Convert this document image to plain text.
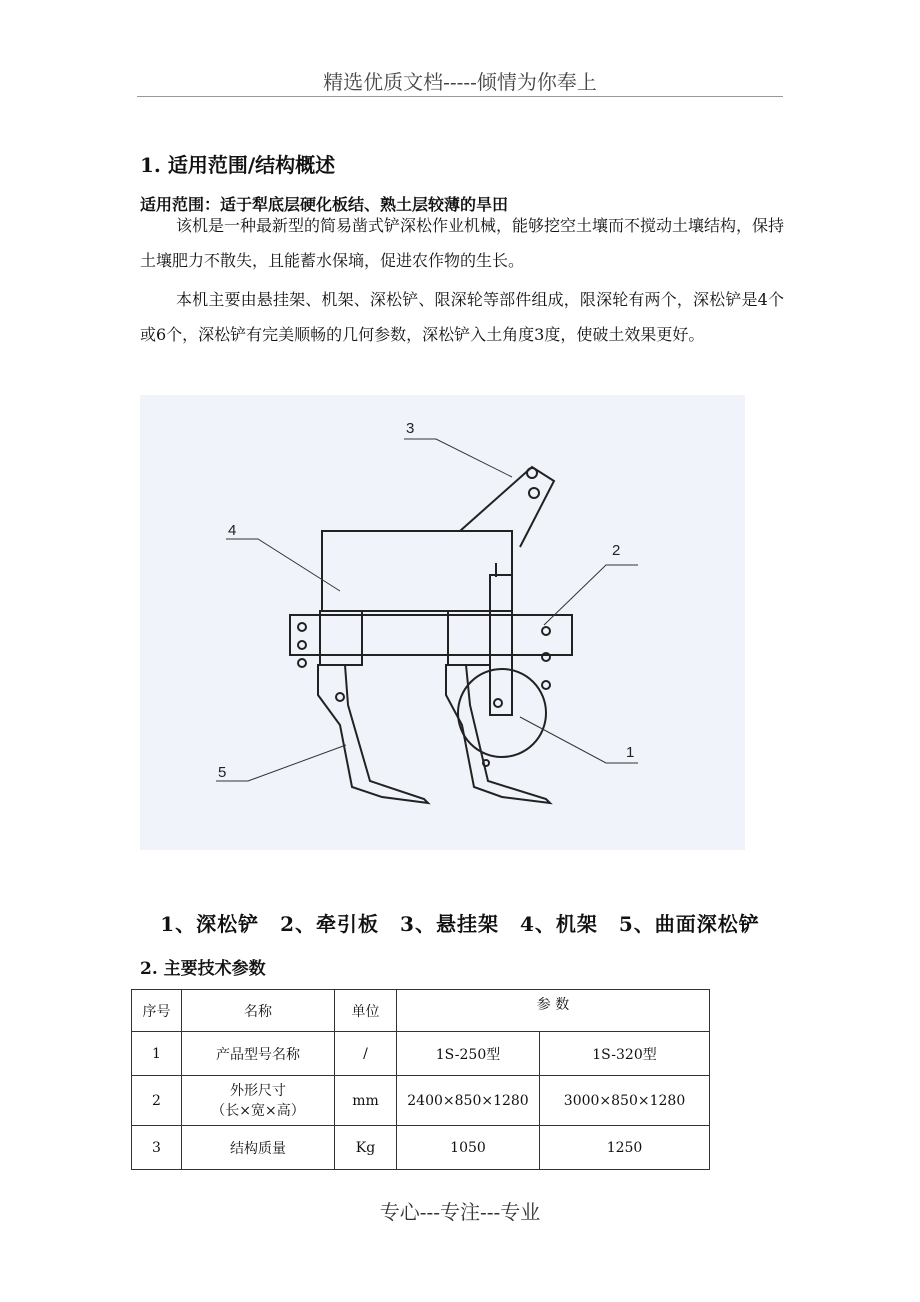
精选优质文档-----倾情为你奉上
1. 适用范围/结构概述
适用范围：适于犁底层硬化板结、熟土层较薄的旱田

该机是一种最新型的简易凿式铲深松作业机械，能够挖空土壤而不搅动土壤结构，保持土壤肥力不散失，且能蓄水保墒，促进农作物的生长。

本机主要由悬挂架、机架、深松铲、限深轮等部件组成，限深轮有两个，深松铲是4个或6个，深松铲有完美顺畅的几何参数，深松铲入土角度3度，使破土效果更好。

3
4
2
5
1
1、深松铲　2、牵引板　3、悬挂架　4、机架　5、曲面深松铲
2. 主要技术参数
序号	名称	单位	参 数	
1	产品型号名称	/	1S-250型	1S-320型
2	外形尺寸
（长×宽×高）	mm	2400×850×1280	3000×850×1280
3	结构质量	Kg	1050	1250
专心---专注---专业
